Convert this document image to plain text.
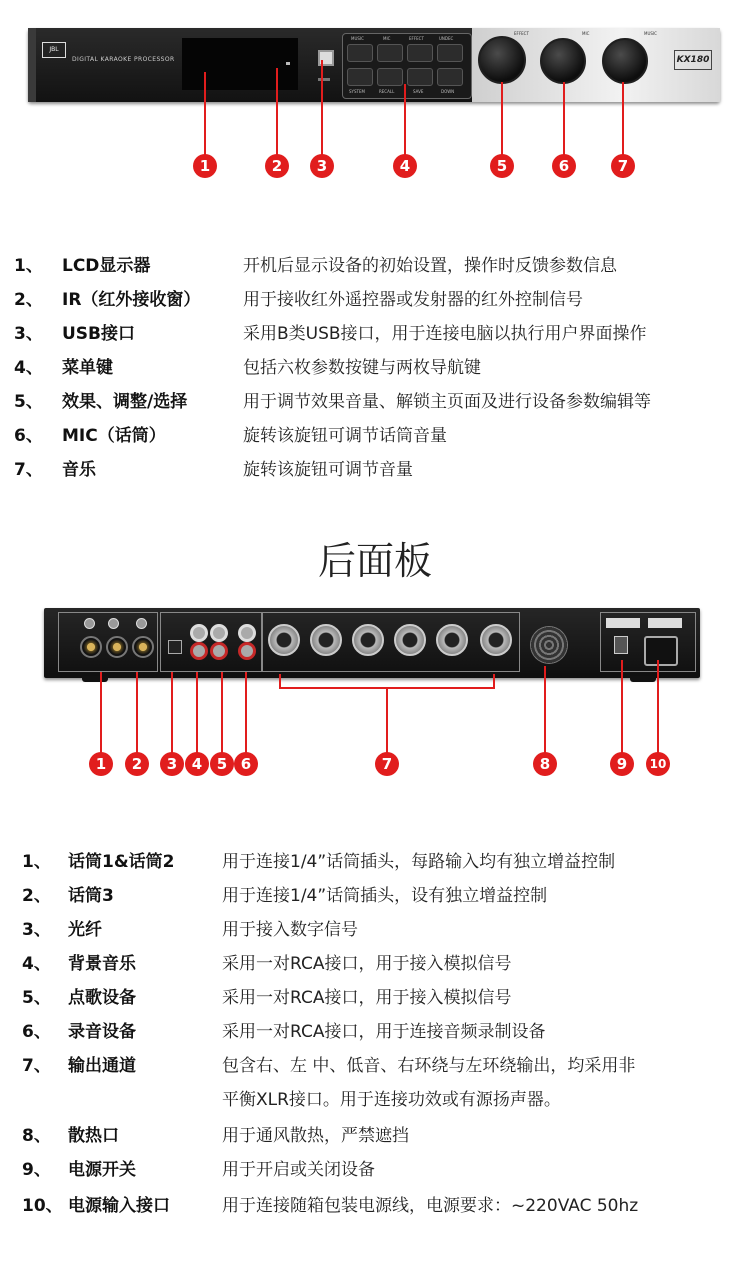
JBL
DIGITAL KARAOKE PROCESSOR
MUSIC	MIC	EFFECT	UNDEC
SYSTEM	RECALL	SAVE	DOWN
EFFECT	MIC	MUSIC
KX180
1	2	3	4	5	6	7
1、 LCD显示器	开机后显示设备的初始设置，操作时反馈参数信息
2、 IR（红外接收窗）	用于接收红外遥控器或发射器的红外控制信号
3、 USB接口	采用B类USB接口，用于连接电脑以执行用户界面操作
4、 菜单键	包括六枚参数按键与两枚导航键
5、 效果、调整/选择	用于调节效果音量、解锁主页面及进行设备参数编辑等
6、 MIC（话筒）	旋转该旋钮可调节话筒音量
7、 音乐	旋转该旋钮可调节音量
后面板
1	2	3 4 5 6	7	8	9	10
1、 话筒1&话筒2	用于连接1/4”话筒插头，每路输入均有独立增益控制
2、 话筒3	用于连接1/4”话筒插头，设有独立增益控制
3、 光纤	用于接入数字信号
4、 背景音乐	采用一对RCA接口，用于接入模拟信号
5、 点歌设备	采用一对RCA接口，用于接入模拟信号
6、 录音设备	采用一对RCA接口，用于连接音频录制设备
7、 输出通道	包含右、左 中、低音、右环绕与左环绕输出，均采用非
平衡XLR接口。用于连接功效或有源扬声器。
8、 散热口	用于通风散热，严禁遮挡
9、 电源开关	用于开启或关闭设备
10、 电源输入接口	用于连接随箱包装电源线，电源要求：~220VAC 50hz
